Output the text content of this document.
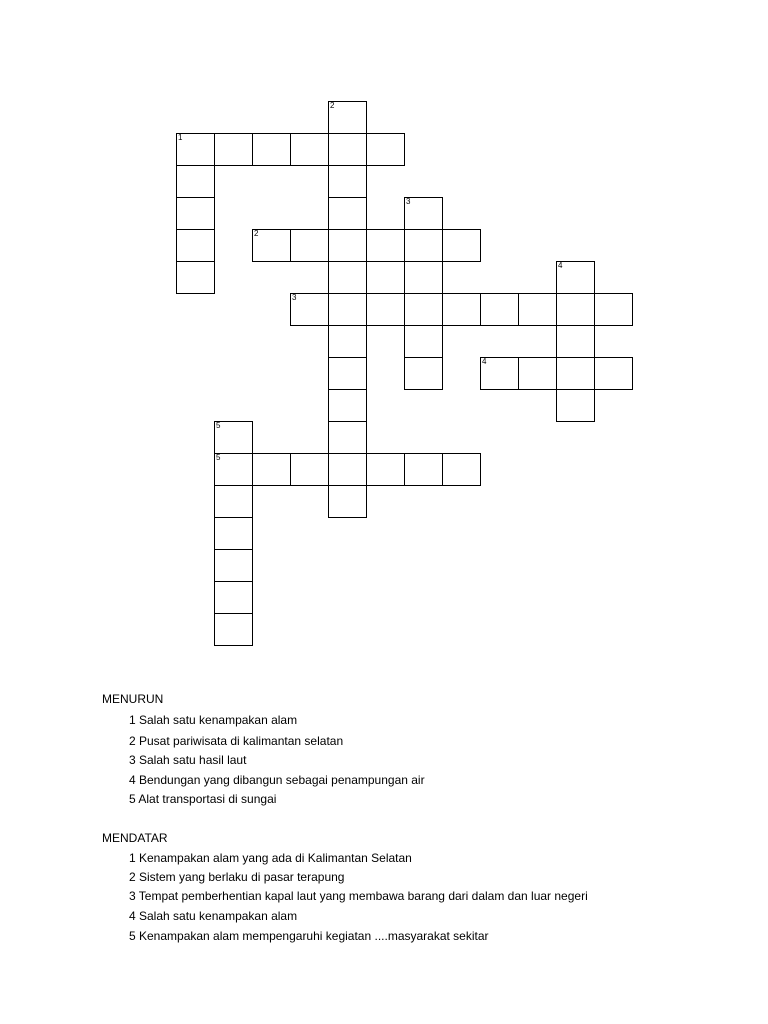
1
2
3
4
5
5
2
3
4
MENURUN
1 Salah satu kenampakan alam
2 Pusat pariwisata di kalimantan selatan
3 Salah satu hasil laut
4 Bendungan yang dibangun sebagai penampungan air
5 Alat transportasi di sungai
MENDATAR
1 Kenampakan alam yang ada di Kalimantan Selatan
2 Sistem yang berlaku di pasar terapung
3 Tempat pemberhentian kapal laut yang membawa barang dari dalam dan luar negeri
4 Salah satu kenampakan alam
5 Kenampakan alam mempengaruhi kegiatan ....masyarakat sekitar
